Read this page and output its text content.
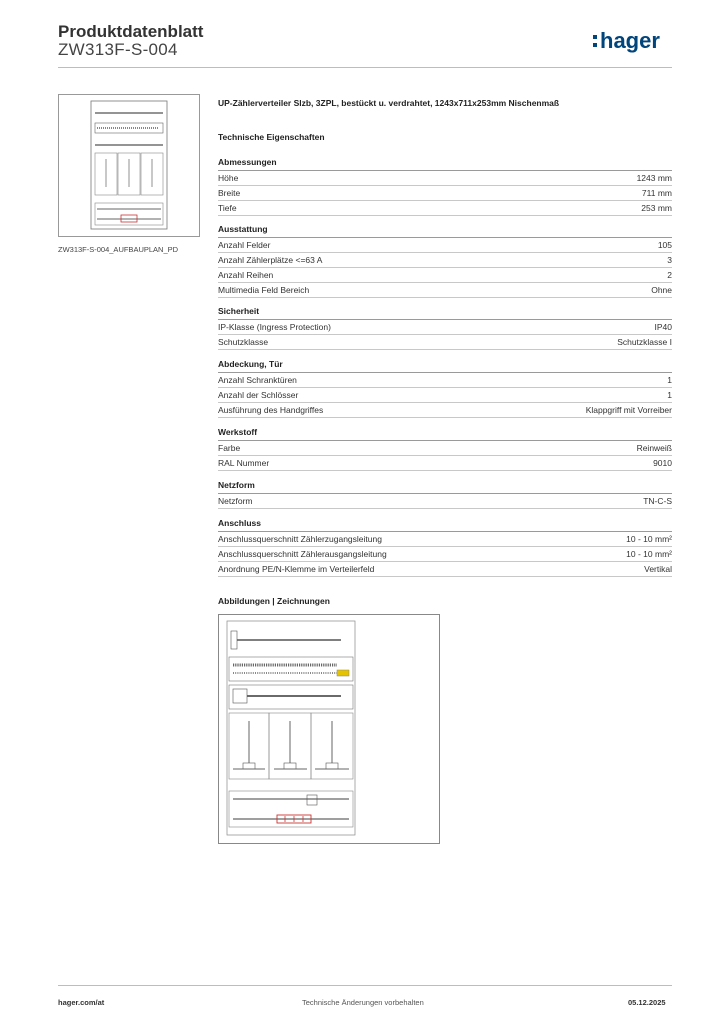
Produktdatenblatt
ZW313F-S-004	hager
ZW313F-S-004_AUFBAUPLAN_PD
UP-Zählerverteiler Slzb, 3ZPL, bestückt u. verdrahtet, 1243x711x253mm Nischenmaß
Technische Eigenschaften
Abmessungen
Höhe	1243 mm
Breite	711 mm
Tiefe	253 mm
Ausstattung
Anzahl Felder	105
Anzahl Zählerplätze <=63 A	3
Anzahl Reihen	2
Multimedia Feld Bereich	Ohne
Sicherheit
IP-Klasse (Ingress Protection)	IP40
Schutzklasse	Schutzklasse I
Abdeckung, Tür
Anzahl Schranktüren	1
Anzahl der Schlösser	1
Ausführung des Handgriffes	Klappgriff mit Vorreiber
Werkstoff
Farbe	Reinweiß
RAL Nummer	9010
Netzform
Netzform	TN-C-S
Anschluss
Anschlussquerschnitt Zählerzugangsleitung	10 - 10 mm²
Anschlussquerschnitt Zählerausgangsleitung	10 - 10 mm²
Anordnung PE/N-Klemme im Verteilerfeld	Vertikal
Abbildungen | Zeichnungen
hager.com/at	Technische Änderungen vorbehalten	05.12.2025
